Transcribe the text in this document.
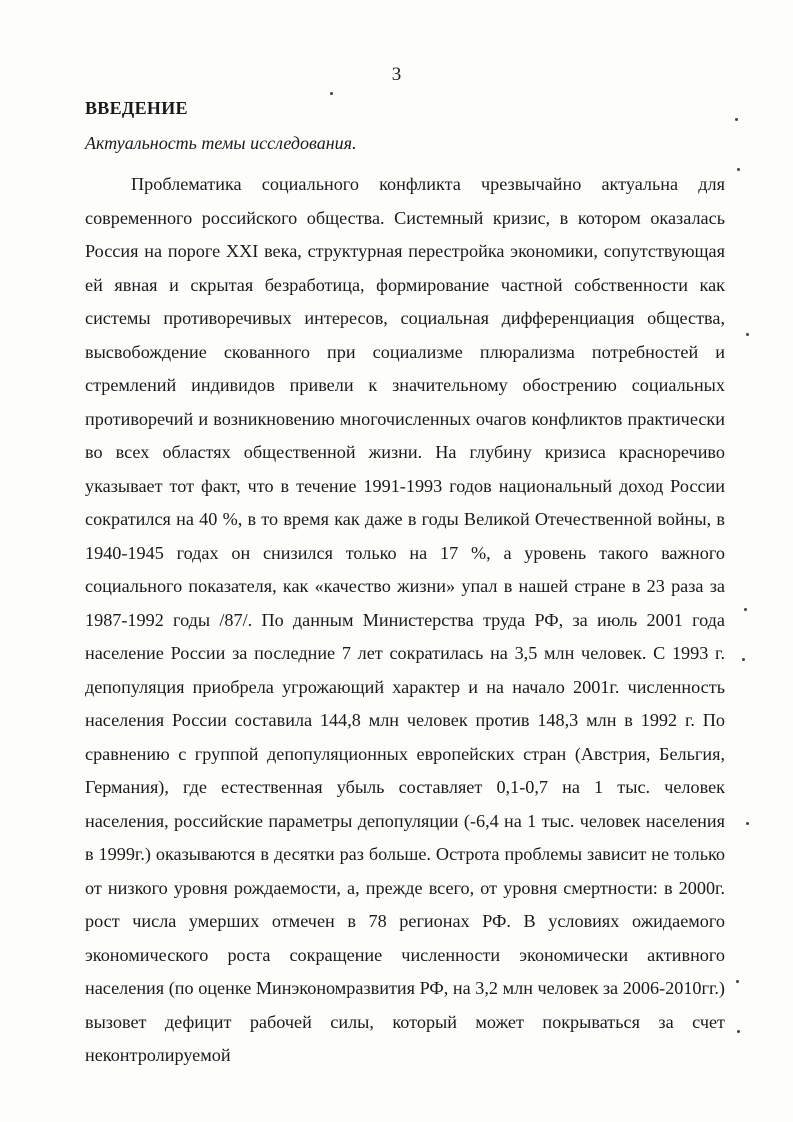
3
ВВЕДЕНИЕ
Актуальность темы исследования.

Проблематика социального конфликта чрезвычайно актуальна для современного российского общества. Системный кризис, в котором оказалась Россия на пороге XXI века, структурная перестройка экономики, сопутствующая ей явная и скрытая безработица, формирование частной собственности как системы противоречивых интересов, социальная дифференциация общества, высвобождение скованного при социализме плюрализма потребностей и стремлений индивидов привели к значительному обострению социальных противоречий и возникновению многочисленных очагов конфликтов практически во всех областях общественной жизни. На глубину кризиса красноречиво указывает тот факт, что в течение 1991-1993 годов национальный доход России сократился на 40 %, в то время как даже в годы Великой Отечественной войны, в 1940-1945 годах он снизился только на 17 %, а уровень такого важного социального показателя, как «качество жизни» упал в нашей стране в 23 раза за 1987-1992 годы /87/. По данным Министерства труда РФ, за июль 2001 года население России за последние 7 лет сократилась на 3,5 млн человек. С 1993 г. депопуляция приобрела угрожающий характер и на начало 2001г. численность населения России составила 144,8 млн человек против 148,3 млн в 1992 г. По сравнению с группой депопуляционных европейских стран (Австрия, Бельгия, Германия), где естественная убыль составляет 0,1-0,7 на 1 тыс. человек населения, российские параметры депопуляции (-6,4 на 1 тыс. человек населения в 1999г.) оказываются в десятки раз больше. Острота проблемы зависит не только от низкого уровня рождаемости, а, прежде всего, от уровня смертности: в 2000г. рост числа умерших отмечен в 78 регионах РФ. В условиях ожидаемого экономического роста сокращение численности экономически активного населения (по оценке Минэкономразвития РФ, на 3,2 млн человек за 2006-2010гг.) вызовет дефицит рабочей силы, который может покрываться за счет неконтролируемой
